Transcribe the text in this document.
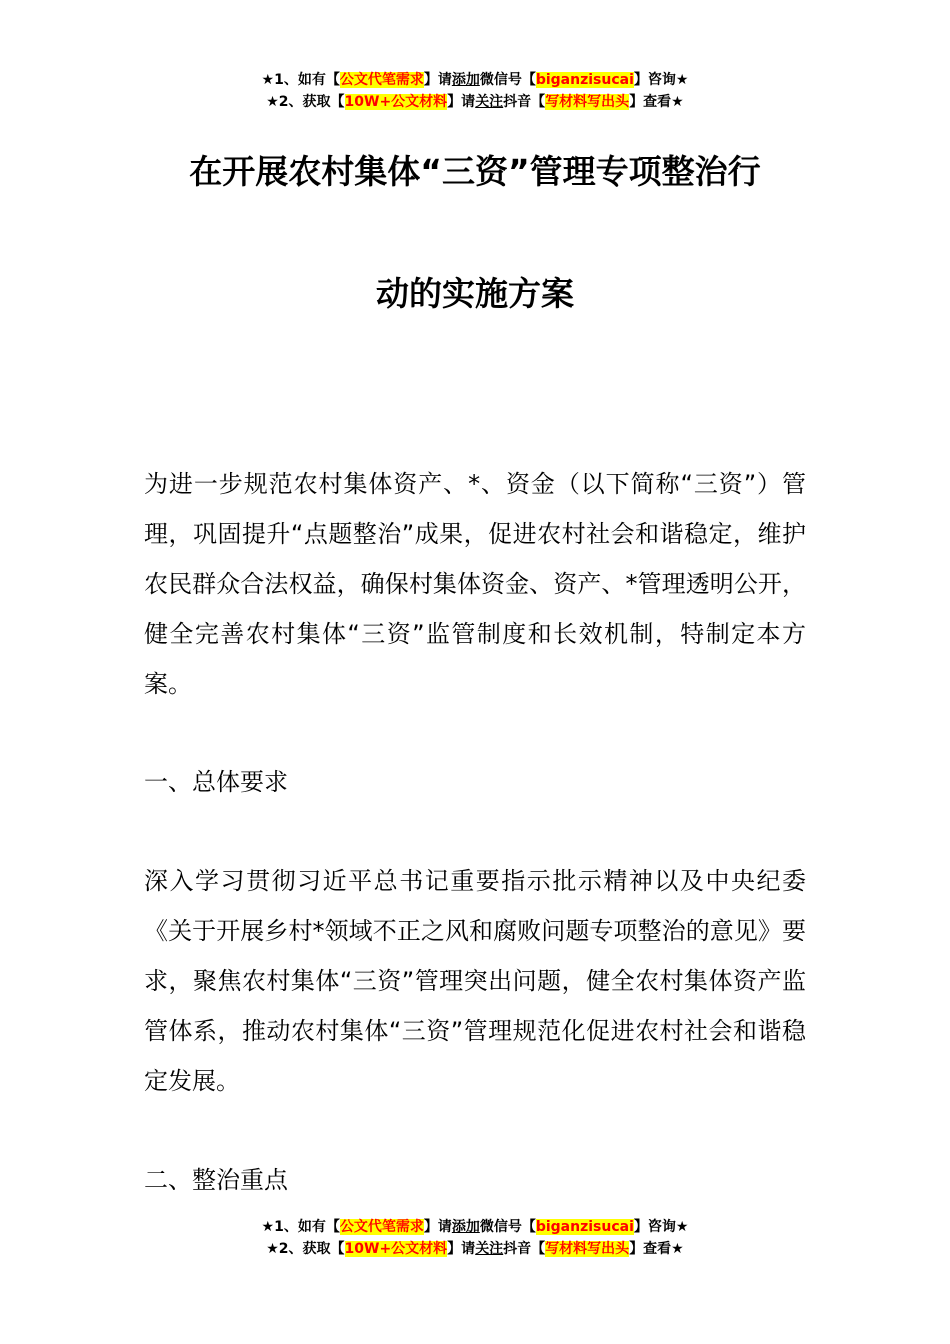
★1、如有【公文代笔需求】请添加微信号【biganzisucai】咨询★
★2、获取【10W+公文材料】请关注抖音【写材料写出头】查看★
在开展农村集体“三资”管理专项整治行
动的实施方案

为进一步规范农村集体资产、*、资金（以下简称“三资”）管理，巩固提升“点题整治”成果，促进农村社会和谐稳定，维护农民群众合法权益，确保村集体资金、资产、*管理透明公开，健全完善农村集体“三资”监管制度和长效机制，特制定本方案。

一、总体要求

深入学习贯彻习近平总书记重要指示批示精神以及中央纪委《关于开展乡村*领域不正之风和腐败问题专项整治的意见》要求，聚焦农村集体“三资”管理突出问题，健全农村集体资产监管体系，推动农村集体“三资”管理规范化促进农村社会和谐稳定发展。

二、整治重点

★1、如有【公文代笔需求】请添加微信号【biganzisucai】咨询★
★2、获取【10W+公文材料】请关注抖音【写材料写出头】查看★
